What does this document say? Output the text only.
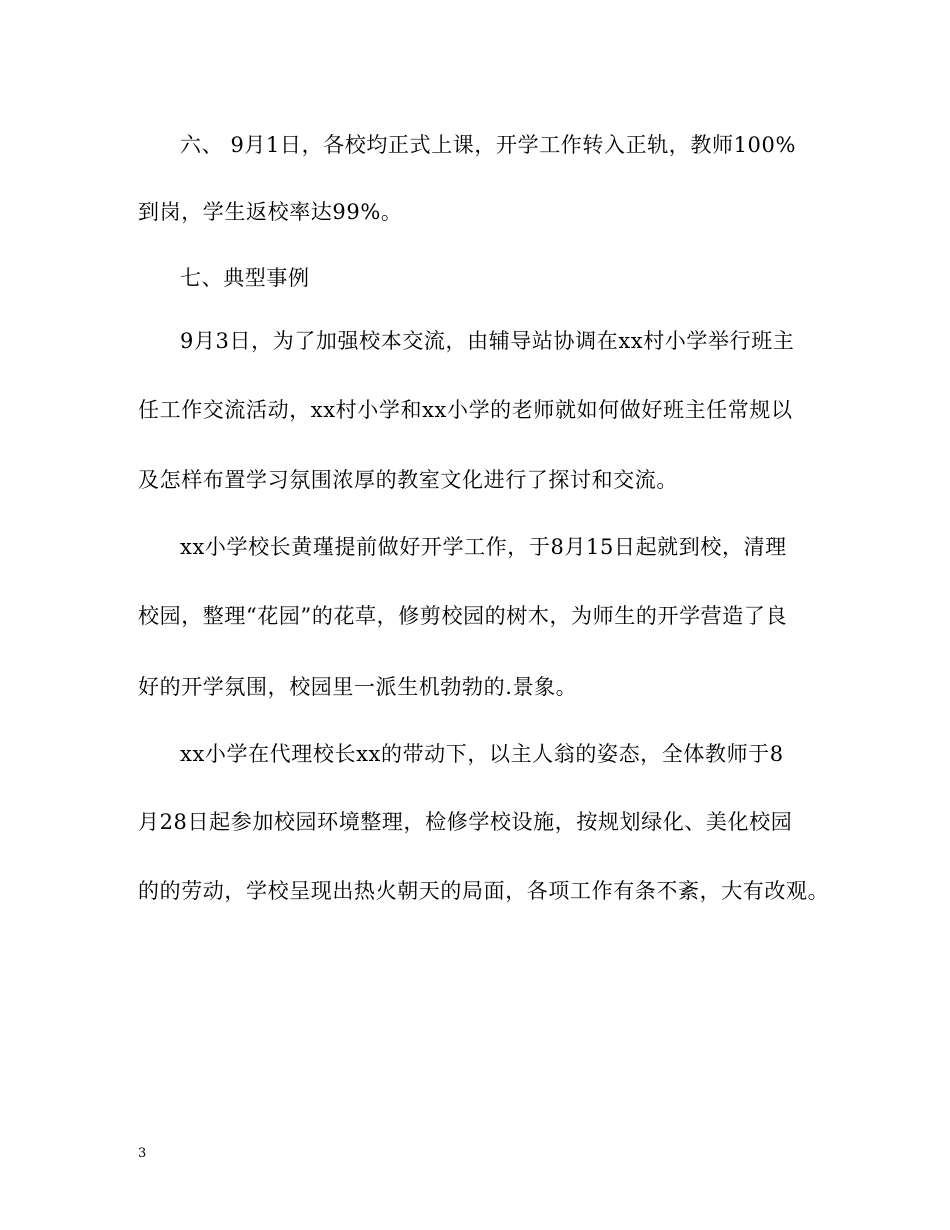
六、 9月1日，各校均正式上课，开学工作转入正轨，教师100%
到岗，学生返校率达99%。
七、典型事例
9月3日，为了加强校本交流，由辅导站协调在xx村小学举行班主
任工作交流活动，xx村小学和xx小学的老师就如何做好班主任常规以
及怎样布置学习氛围浓厚的教室文化进行了探讨和交流。
xx小学校长黄瑾提前做好开学工作，于8月15日起就到校，清理
校园，整理“花园”的花草，修剪校园的树木，为师生的开学营造了良
好的开学氛围，校园里一派生机勃勃的.景象。
xx小学在代理校长xx的带动下，以主人翁的姿态，全体教师于8
月28日起参加校园环境整理，检修学校设施，按规划绿化、美化校园
的的劳动，学校呈现出热火朝天的局面，各项工作有条不紊，大有改观。
3
